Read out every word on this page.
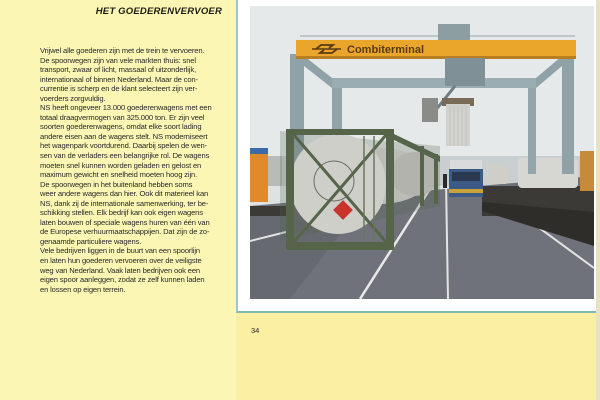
HET GOEDERENVERVOER
Vrijwel alle goederen zijn met de trein te vervoeren.
De spoorwegen zijn van vele markten thuis: snel
transport, zwaar of licht, massaal of uitzonderlijk,
internationaal of binnen Nederland. Maar de con-
currentie is scherp en de klant selecteert zijn ver-
voerders zorgvuldig.
NS heeft ongeveer 13.000 goederenwagens met een
totaal draagvermogen van 325.000 ton. Er zijn veel
soorten goederenwagens, omdat elke soort lading
andere eisen aan de wagens stelt. NS moderniseert
het wagenpark voortdurend. Daarbij spelen de wen-
sen van de verladers een belangrijke rol. De wagens
moeten snel kunnen worden geladen en gelost en
maximum gewicht en snelheid moeten hoog zijn.
De spoorwegen in het buitenland hebben soms
weer andere wagens dan hier. Ook dit materieel kan
NS, dank zij de internationale samenwerking, ter be-
schikking stellen. Elk bedrijf kan ook eigen wagens
laten bouwen of speciale wagens huren van één van
de Europese verhuurmaatschappijen. Dat zijn de zo-
genaamde particuliere wagens.
Vele bedrijven liggen in de buurt van een spoorlijn
en laten hun goederen vervoeren over de veiligste
weg van Nederland. Vaak laten bedrijven ook een
eigen spoor aanleggen, zodat ze zelf kunnen laden
en lossen op eigen terrein.
Combiterminal
34
